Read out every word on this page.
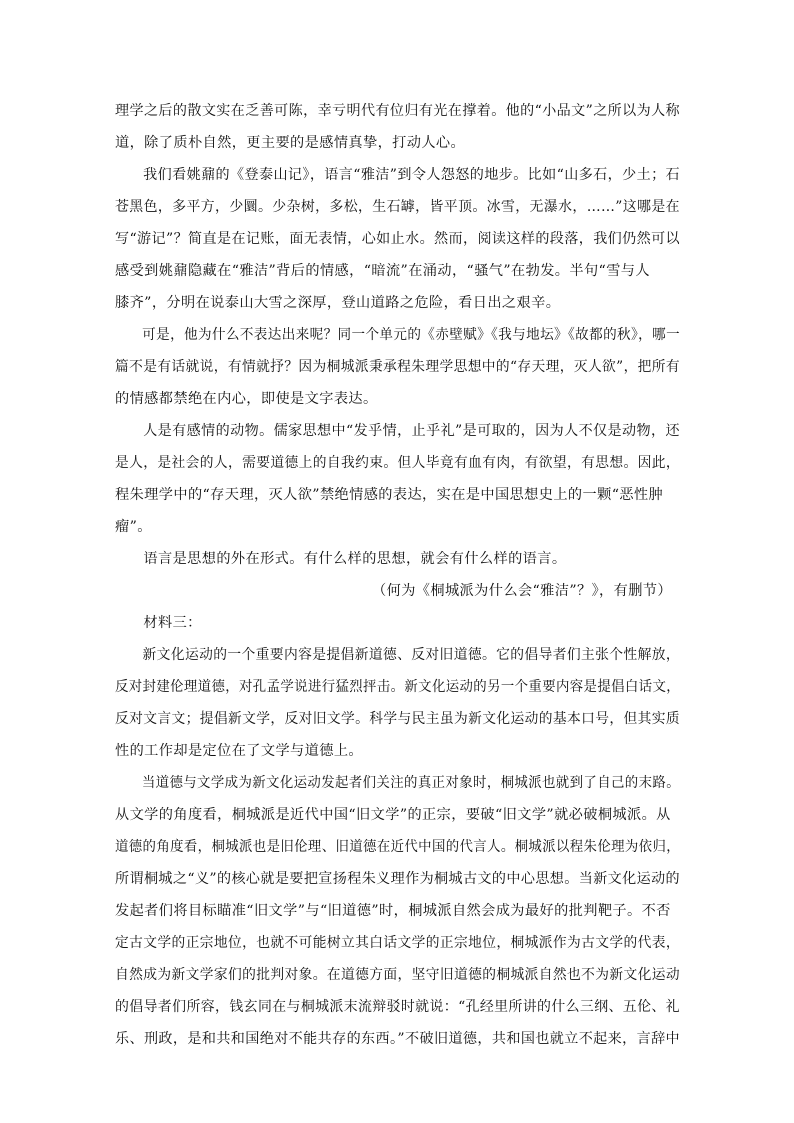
理学之后的散文实在乏善可陈，幸亏明代有位归有光在撑着。他的“小品文”之所以为人称
道，除了质朴自然，更主要的是感情真挚，打动人心。

我们看姚鼐的《登泰山记》，语言“雅洁”到令人怨怒的地步。比如“山多石，少土；石
苍黑色，多平方，少圜。少杂树，多松，生石罅，皆平顶。冰雪，无瀑水，……”这哪是在
写“游记”？简直是在记账，面无表情，心如止水。然而，阅读这样的段落，我们仍然可以
感受到姚鼐隐藏在“雅洁”背后的情感，“暗流”在涌动，“骚气”在勃发。半句“雪与人
膝齐”，分明在说泰山大雪之深厚，登山道路之危险，看日出之艰辛。

可是，他为什么不表达出来呢？同一个单元的《赤壁赋》《我与地坛》《故都的秋》，哪一
篇不是有话就说，有情就抒？因为桐城派秉承程朱理学思想中的“存天理，灭人欲”，把所有
的情感都禁绝在内心，即使是文字表达。

人是有感情的动物。儒家思想中“发乎情，止乎礼”是可取的，因为人不仅是动物，还
是人，是社会的人，需要道德上的自我约束。但人毕竟有血有肉，有欲望，有思想。因此，
程朱理学中的“存天理，灭人欲”禁绝情感的表达，实在是中国思想史上的一颗“恶性肿
瘤”。

语言是思想的外在形式。有什么样的思想，就会有什么样的语言。

（何为《桐城派为什么会“雅洁”？》，有删节）

材料三：

新文化运动的一个重要内容是提倡新道德、反对旧道德。它的倡导者们主张个性解放，
反对封建伦理道德，对孔孟学说进行猛烈抨击。新文化运动的另一个重要内容是提倡白话文，
反对文言文；提倡新文学，反对旧文学。科学与民主虽为新文化运动的基本口号，但其实质
性的工作却是定位在了文学与道德上。

当道德与文学成为新文化运动发起者们关注的真正对象时，桐城派也就到了自己的末路。
从文学的角度看，桐城派是近代中国“旧文学”的正宗，要破“旧文学”就必破桐城派。从
道德的角度看，桐城派也是旧伦理、旧道德在近代中国的代言人。桐城派以程朱伦理为依归，
所谓桐城之“义”的核心就是要把宣扬程朱义理作为桐城古文的中心思想。当新文化运动的
发起者们将目标瞄准“旧文学”与“旧道德”时，桐城派自然会成为最好的批判靶子。不否
定古文学的正宗地位，也就不可能树立其白话文学的正宗地位，桐城派作为古文学的代表，
自然成为新文学家们的批判对象。在道德方面，坚守旧道德的桐城派自然也不为新文化运动
的倡导者们所容，钱玄同在与桐城派末流辩驳时就说：“孔经里所讲的什么三纲、五伦、礼
乐、刑政，是和共和国绝对不能共存的东西。”不破旧道德，共和国也就立不起来，言辞中
